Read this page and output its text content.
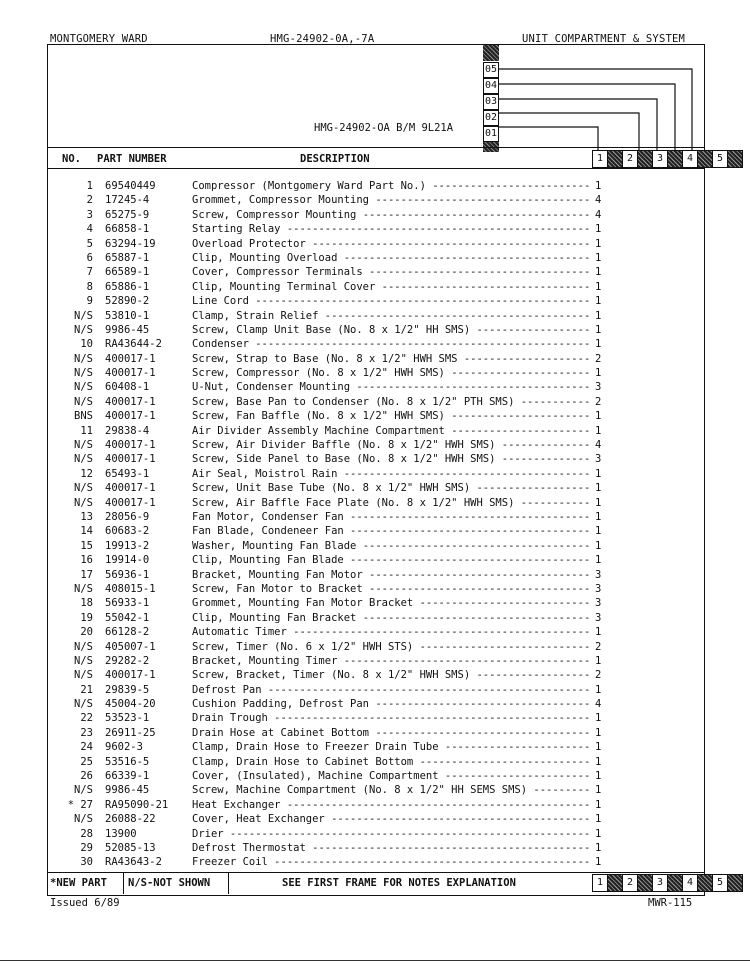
MONTGOMERY WARD	HMG-24902-0A,-7A	UNIT COMPARTMENT & SYSTEM
05
04
03
02
01
HMG-24902-OA B/M 9L21A
NO. PART NUMBER	DESCRIPTION	1	2	3	4	5
1 69540449	Compressor (Montgomery Ward Part No.) -----	1
2 17245-4	Grommet, Compressor Mounting -----	4
3 65275-9	Screw, Compressor Mounting -----	4
4 66858-1	Starting Relay -----	1
5 63294-19	Overload Protector -----	1
6 65887-1	Clip, Mounting Overload -----	1
7 66589-1	Cover, Compressor Terminals -----	1
8 65886-1	Clip, Mounting Terminal Cover -----	1
9 52890-2	Line Cord -----	1
N/S 53810-1	Clamp, Strain Relief -----	1
N/S 9986-45	Screw, Clamp Unit Base (No. 8 x 1/2" HH SMS) -----	1
10 RA43644-2	Condenser -----	1
N/S 400017-1	Screw, Strap to Base (No. 8 x 1/2" HWH SMS -----	2
N/S 400017-1	Screw, Compressor (No. 8 x 1/2" HWH SMS) -----	1
N/S 60408-1	U-Nut, Condenser Mounting -----	3
N/S 400017-1	Screw, Base Pan to Condenser (No. 8 x 1/2" PTH SMS) -----	2
BNS 400017-1	Screw, Fan Baffle (No. 8 x 1/2" HWH SMS) -----	1
11 29838-4	Air Divider Assembly Machine Compartment -----	1
N/S 400017-1	Screw, Air Divider Baffle (No. 8 x 1/2" HWH SMS) -----	4
N/S 400017-1	Screw, Side Panel to Base (No. 8 x 1/2" HWH SMS) -----	3
12 65493-1	Air Seal, Moistrol Rain -----	1
N/S 400017-1	Screw, Unit Base Tube (No. 8 x 1/2" HWH SMS) -----	1
N/S 400017-1	Screw, Air Baffle Face Plate (No. 8 x 1/2" HWH SMS) -----	1
13 28056-9	Fan Motor, Condenser Fan -----	1
14 60683-2	Fan Blade, Condeneer Fan -----	1
15 19913-2	Washer, Mounting Fan Blade -----	1
16 19914-0	Clip, Mounting Fan Blade -----	1
17 56936-1	Bracket, Mounting Fan Motor -----	3
N/S 408015-1	Screw, Fan Motor to Bracket -----	3
18 56933-1	Grommet, Mounting Fan Motor Bracket -----	3
19 55042-1	Clip, Mounting Fan Bracket -----	3
20 66128-2	Automatic Timer -----	1
N/S 405007-1	Screw, Timer (No. 6 x 1/2" HWH STS) -----	2
N/S 29282-2	Bracket, Mounting Timer -----	1
N/S 400017-1	Screw, Bracket, Timer (No. 8 x 1/2" HWH SMS) -----	2
21 29839-5	Defrost Pan -----	1
N/S 45004-20	Cushion Padding, Defrost Pan -----	4
22 53523-1	Drain Trough -----	1
23 26911-25	Drain Hose at Cabinet Bottom -----	1
24 9602-3	Clamp, Drain Hose to Freezer Drain Tube -----	1
25 53516-5	Clamp, Drain Hose to Cabinet Bottom -----	1
26 66339-1	Cover, (Insulated), Machine Compartment -----	1
N/S 9986-45	Screw, Machine Compartment (No. 8 x 1/2" HH SEMS SMS) -----	1
* 27 RA95090-21 Heat Exchanger -----	1
N/S 26088-22	Cover, Heat Exchanger -----	1
28 13900	Drier -----	1
29 52085-13	Defrost Thermostat -----	1
30 RA43643-2	Freezer Coil -----	1
*NEW PART N/S-NOT SHOWN	SEE FIRST FRAME FOR NOTES EXPLANATION	1	2	3	4	5
Issued 6/89	MWR-115
